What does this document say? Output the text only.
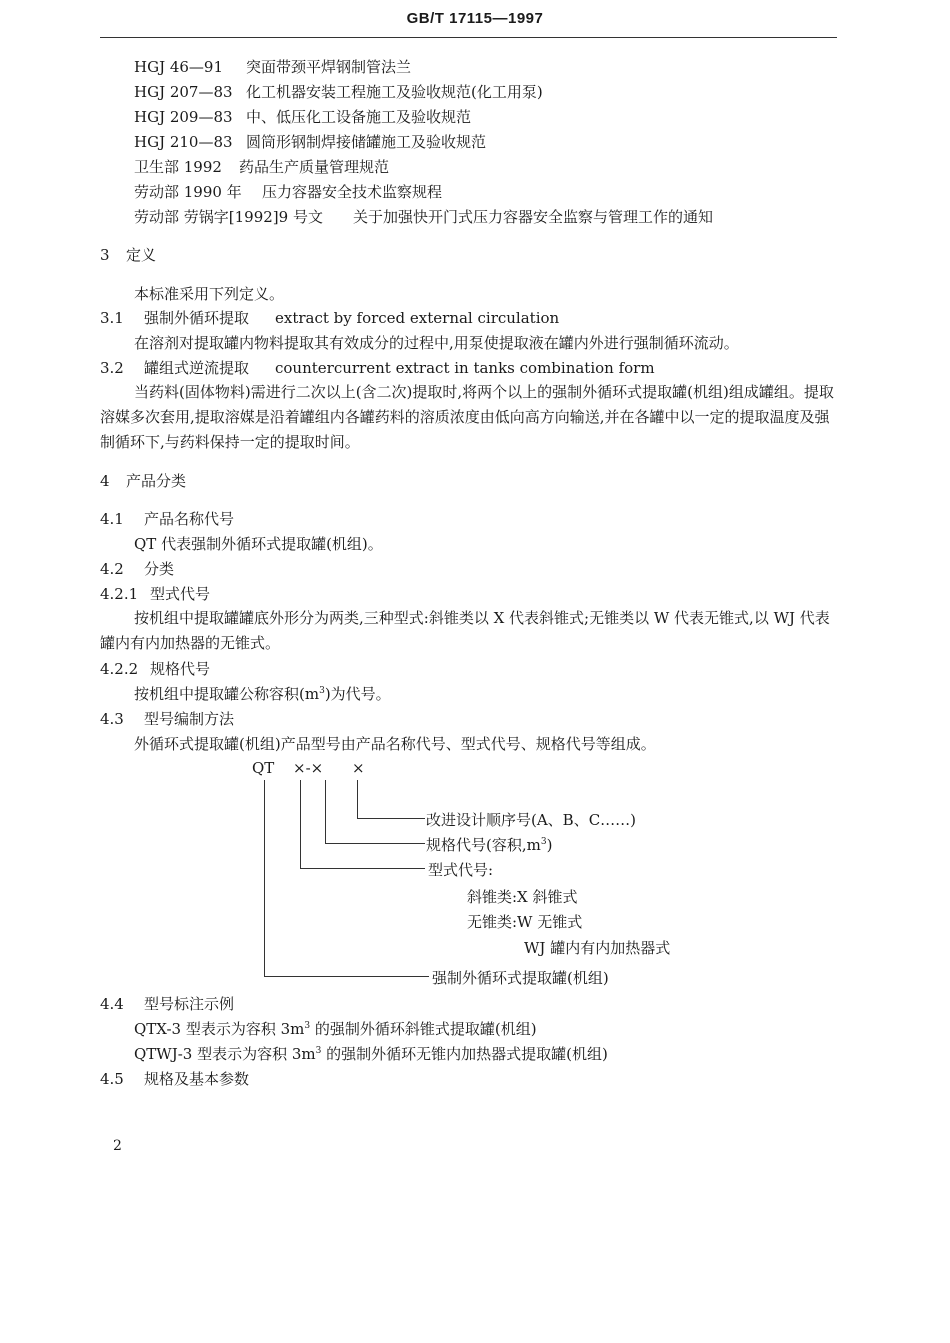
GB/T 17115—1997
HGJ 46—91 突面带颈平焊钢制管法兰
HGJ 207—83 化工机器安装工程施工及验收规范(化工用泵)
HGJ 209—83 中、低压化工设备施工及验收规范
HGJ 210—83 圆筒形钢制焊接储罐施工及验收规范
卫生部 1992 药品生产质量管理规范
劳动部 1990 年 压力容器安全技术监察规程
劳动部 劳锅字[1992]9 号文 关于加强快开门式压力容器安全监察与管理工作的通知
3 定义
本标准采用下列定义。
3.1 强制外循环提取 extract by forced external circulation
在溶剂对提取罐内物料提取其有效成分的过程中,用泵使提取液在罐内外进行强制循环流动。
3.2 罐组式逆流提取 countercurrent extract in tanks combination form
当药料(固体物料)需进行二次以上(含二次)提取时,将两个以上的强制外循环式提取罐(机组)组成罐组。提取溶媒多次套用,提取溶媒是沿着罐组内各罐药料的溶质浓度由低向高方向输送,并在各罐中以一定的提取温度及强制循环下,与药料保持一定的提取时间。
4 产品分类
4.1 产品名称代号
QT 代表强制外循环式提取罐(机组)。
4.2 分类
4.2.1 型式代号
按机组中提取罐罐底外形分为两类,三种型式:斜锥类以 X 代表斜锥式;无锥类以 W 代表无锥式,以 WJ 代表罐内有内加热器的无锥式。
4.2.2 规格代号
按机组中提取罐公称容积$(m^3)$为代号。
4.3 型号编制方法
外循环式提取罐(机组)产品型号由产品名称代号、型式代号、规格代号等组成。
QT ×-× ×
改进设计顺序号(A、B、C……)
规格代号(容积$,m^3$)
型式代号:
斜锥类:X 斜锥式
无锥类:W 无锥式
WJ 罐内有内加热器式
强制外循环式提取罐(机组)
4.4 型号标注示例
QTX-3 型表示为容积 $3m^3$ 的强制外循环斜锥式提取罐(机组)
QTWJ-3 型表示为容积 $3m^3$ 的强制外循环无锥内加热器式提取罐(机组)
4.5 规格及基本参数
2
